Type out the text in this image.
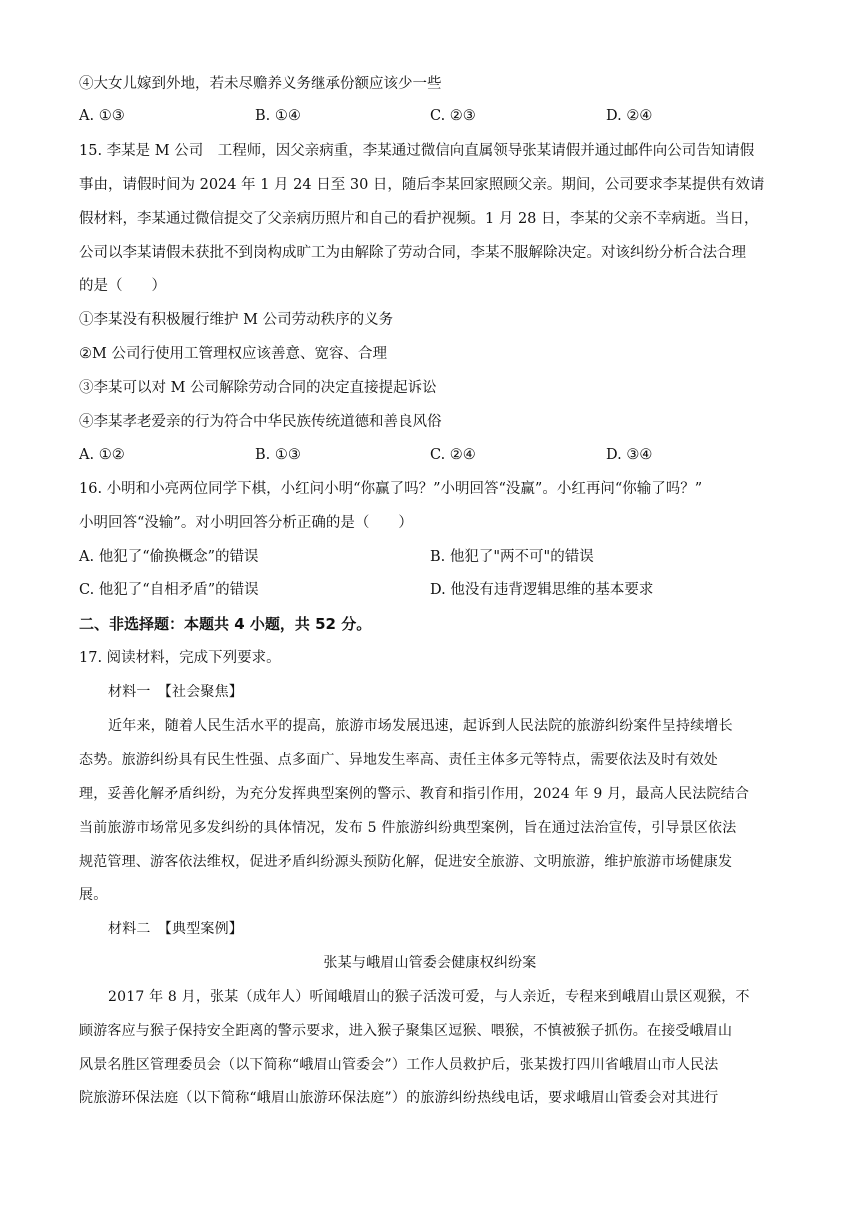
④大女儿嫁到外地，若未尽赡养义务继承份额应该少一些
A. ①③	B. ①④	C. ②③	D. ②④
15. 李某是 M 公司　工程师，因父亲病重，李某通过微信向直属领导张某请假并通过邮件向公司告知请假
事由，请假时间为 2024 年 1 月 24 日至 30 日，随后李某回家照顾父亲。期间，公司要求李某提供有效请
假材料，李某通过微信提交了父亲病历照片和自己的看护视频。1 月 28 日，李某的父亲不幸病逝。当日，
公司以李某请假未获批不到岗构成旷工为由解除了劳动合同，李某不服解除决定。对该纠纷分析合法合理
的是（　　）
①李某没有积极履行维护 M 公司劳动秩序的义务
②M 公司行使用工管理权应该善意、宽容、合理
③李某可以对 M 公司解除劳动合同的决定直接提起诉讼
④李某孝老爱亲的行为符合中华民族传统道德和善良风俗
A. ①②	B. ①③	C. ②④	D. ③④
16. 小明和小亮两位同学下棋，小红问小明“你赢了吗？”小明回答“没赢”。小红再问“你输了吗？”
小明回答“没输”。对小明回答分析正确的是（　　）
A. 他犯了“偷换概念”的错误	B. 他犯了"两不可"的错误
C. 他犯了“自相矛盾”的错误	D. 他没有违背逻辑思维的基本要求
二、非选择题：本题共 4 小题，共 52 分。
17. 阅读材料，完成下列要求。
材料一　【社会聚焦】
近年来，随着人民生活水平的提高，旅游市场发展迅速，起诉到人民法院的旅游纠纷案件呈持续增长
态势。旅游纠纷具有民生性强、点多面广、异地发生率高、责任主体多元等特点，需要依法及时有效处
理，妥善化解矛盾纠纷，为充分发挥典型案例的警示、教育和指引作用，2024 年 9 月，最高人民法院结合
当前旅游市场常见多发纠纷的具体情况，发布 5 件旅游纠纷典型案例，旨在通过法治宣传，引导景区依法
规范管理、游客依法维权，促进矛盾纠纷源头预防化解，促进安全旅游、文明旅游，维护旅游市场健康发
展。
材料二　【典型案例】
张某与峨眉山管委会健康权纠纷案
2017 年 8 月，张某（成年人）听闻峨眉山的猴子活泼可爱，与人亲近，专程来到峨眉山景区观猴，不
顾游客应与猴子保持安全距离的警示要求，进入猴子聚集区逗猴、喂猴，不慎被猴子抓伤。在接受峨眉山
风景名胜区管理委员会（以下简称“峨眉山管委会”）工作人员救护后，张某拨打四川省峨眉山市人民法
院旅游环保法庭（以下简称“峨眉山旅游环保法庭”）的旅游纠纷热线电话，要求峨眉山管委会对其进行
